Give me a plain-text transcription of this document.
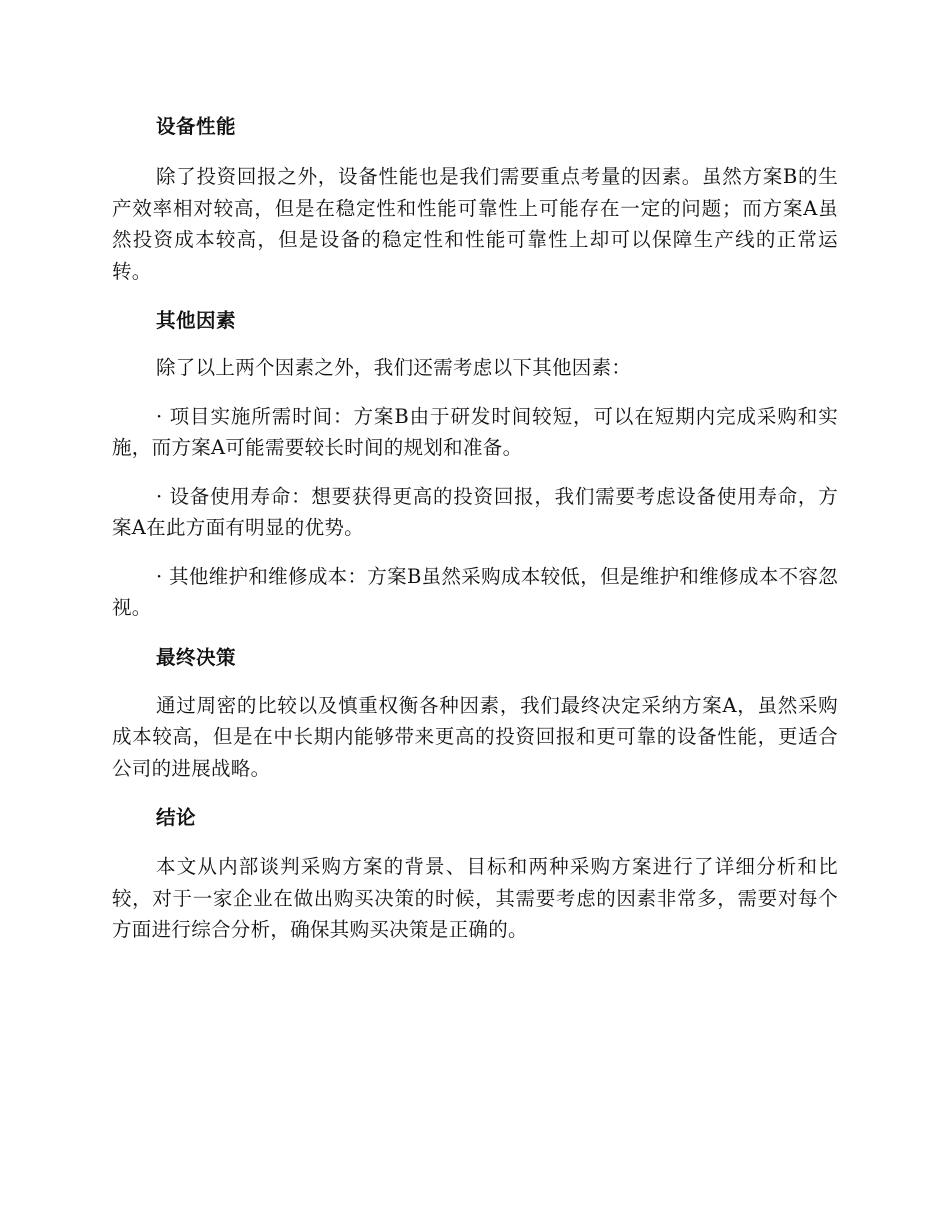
设备性能

除了投资回报之外，设备性能也是我们需要重点考量的因素。虽然方案B的生产效率相对较高，但是在稳定性和性能可靠性上可能存在一定的问题；而方案A虽然投资成本较高，但是设备的稳定性和性能可靠性上却可以保障生产线的正常运转。

其他因素

除了以上两个因素之外，我们还需考虑以下其他因素：

· 项目实施所需时间：方案B由于研发时间较短，可以在短期内完成采购和实施，而方案A可能需要较长时间的规划和准备。

· 设备使用寿命：想要获得更高的投资回报，我们需要考虑设备使用寿命，方案A在此方面有明显的优势。

· 其他维护和维修成本：方案B虽然采购成本较低，但是维护和维修成本不容忽视。

最终决策

通过周密的比较以及慎重权衡各种因素，我们最终决定采纳方案A，虽然采购成本较高，但是在中长期内能够带来更高的投资回报和更可靠的设备性能，更适合公司的进展战略。

结论

本文从内部谈判采购方案的背景、目标和两种采购方案进行了详细分析和比较，对于一家企业在做出购买决策的时候，其需要考虑的因素非常多，需要对每个方面进行综合分析，确保其购买决策是正确的。
